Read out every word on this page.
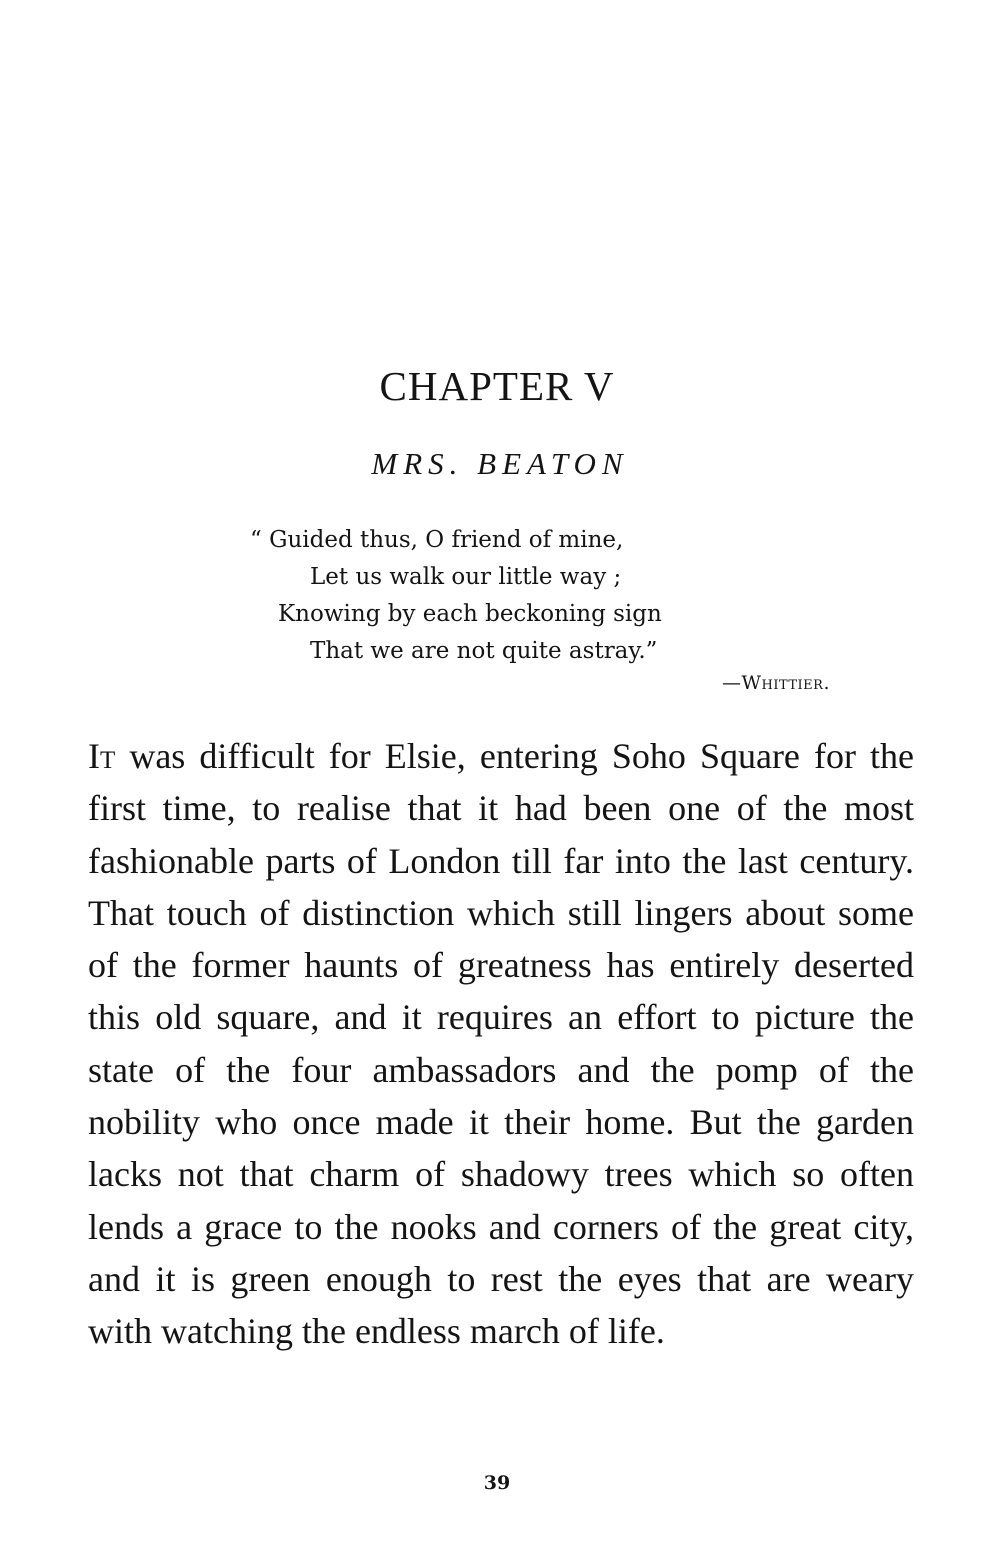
CHAPTER V
MRS. BEATON
“ Guided thus, O friend of mine,
Let us walk our little way ;
Knowing by each beckoning sign
That we are not quite astray.”
—Whittier.
It was difficult for Elsie, entering Soho Square for the first time, to realise that it had been one of the most fashionable parts of London till far into the last century. That touch of distinction which still lingers about some of the former haunts of greatness has entirely deserted this old square, and it requires an effort to picture the state of the four ambassadors and the pomp of the nobility who once made it their home. But the garden lacks not that charm of shadowy trees which so often lends a grace to the nooks and corners of the great city, and it is green enough to rest the eyes that are weary with watching the endless march of life.
39
